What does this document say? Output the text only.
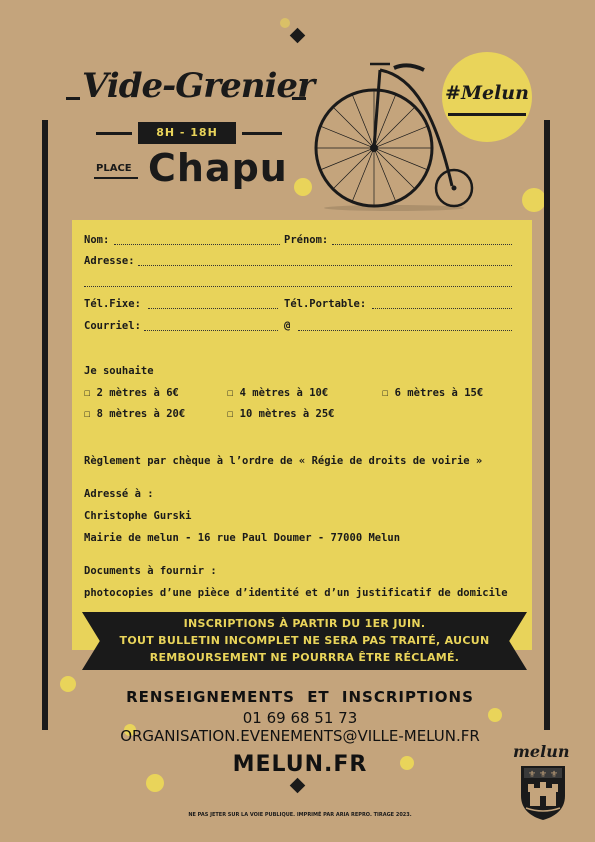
Vide-Grenier
8H - 18H
PLACE Chapu
#Melun
Nom:	Prénom:
Adresse:
Tél.Fixe:	Tél.Portable:
Courriel:	@
Je souhaite
☐ 2 mètres à 6€	☐ 4 mètres à 10€	☐ 6 mètres à 15€
☐ 8 mètres à 20€	☐ 10 mètres à 25€
Règlement par chèque à l’ordre de « Régie de droits de voirie »
Adressé à :
Christophe Gurski
Mairie de melun - 16 rue Paul Doumer - 77000 Melun
Documents à fournir :
photocopies d’une pièce d’identité et d’un justificatif de domicile
INSCRIPTIONS À PARTIR DU 1ER JUIN.
TOUT BULLETIN INCOMPLET NE SERA PAS TRAITÉ, AUCUN
REMBOURSEMENT NE POURRRA ÊTRE RÉCLAMÉ.
RENSEIGNEMENTS ET INSCRIPTIONS
01 69 68 51 73
ORGANISATION.EVENEMENTS@VILLE-MELUN.FR
MELUN.FR
NE PAS JETER SUR LA VOIE PUBLIQUE. IMPRIMÉ PAR ARIA REPRO. TIRAGE 2023.
melun
⚜ ⚜ ⚜
